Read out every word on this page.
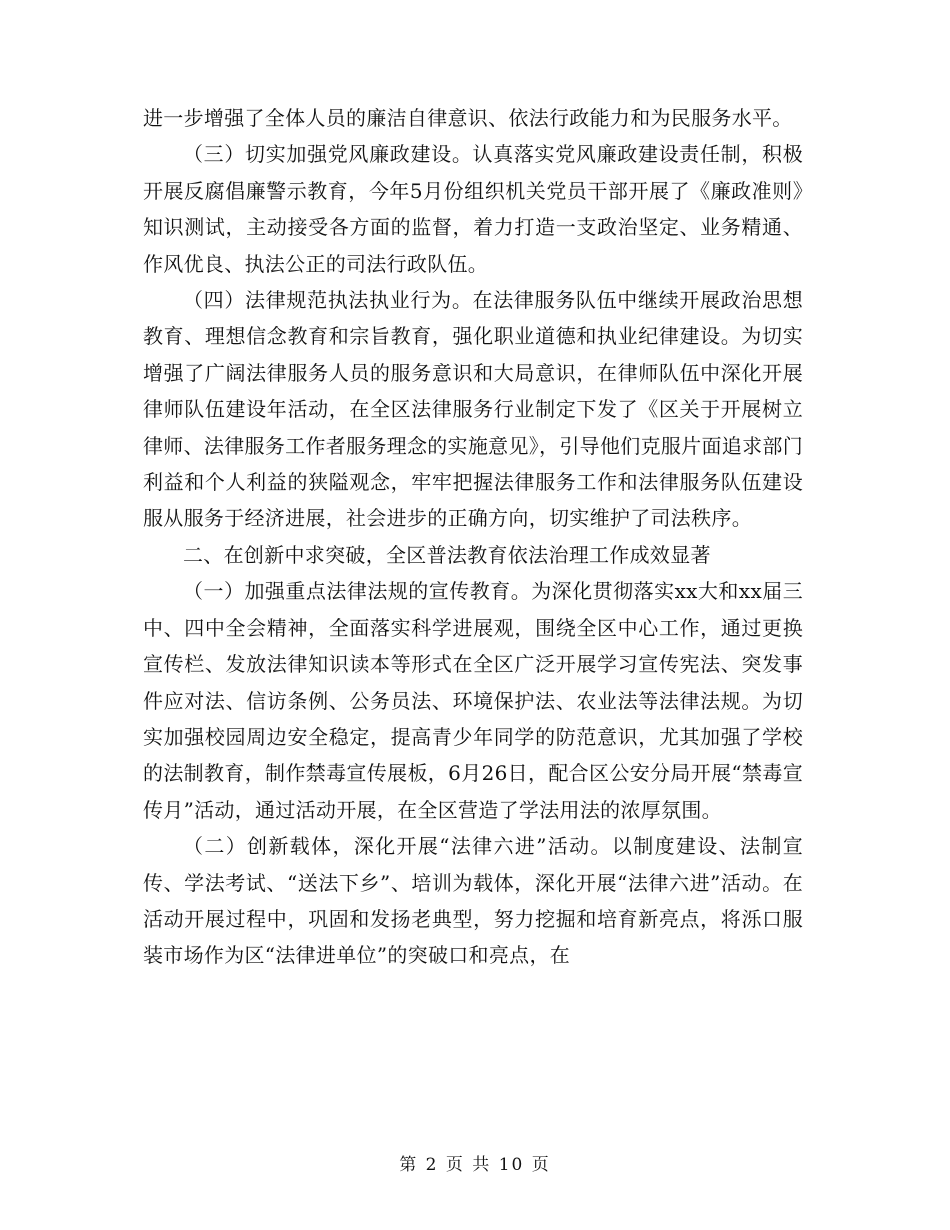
进一步增强了全体人员的廉洁自律意识、依法行政能力和为民服务水平。

（三）切实加强党风廉政建设。认真落实党风廉政建设责任制，积极开展反腐倡廉警示教育，今年5月份组织机关党员干部开展了《廉政准则》知识测试，主动接受各方面的监督，着力打造一支政治坚定、业务精通、作风优良、执法公正的司法行政队伍。

（四）法律规范执法执业行为。在法律服务队伍中继续开展政治思想教育、理想信念教育和宗旨教育，强化职业道德和执业纪律建设。为切实增强了广阔法律服务人员的服务意识和大局意识，在律师队伍中深化开展律师队伍建设年活动，在全区法律服务行业制定下发了《区关于开展树立律师、法律服务工作者服务理念的实施意见》，引导他们克服片面追求部门利益和个人利益的狭隘观念，牢牢把握法律服务工作和法律服务队伍建设服从服务于经济进展，社会进步的正确方向，切实维护了司法秩序。

二、在创新中求突破，全区普法教育依法治理工作成效显著

（一）加强重点法律法规的宣传教育。为深化贯彻落实xx大和xx届三中、四中全会精神，全面落实科学进展观，围绕全区中心工作，通过更换宣传栏、发放法律知识读本等形式在全区广泛开展学习宣传宪法、突发事件应对法、信访条例、公务员法、环境保护法、农业法等法律法规。为切实加强校园周边安全稳定，提高青少年同学的防范意识，尤其加强了学校的法制教育，制作禁毒宣传展板，6月26日，配合区公安分局开展“禁毒宣传月”活动，通过活动开展，在全区营造了学法用法的浓厚氛围。

（二）创新载体，深化开展“法律六进”活动。以制度建设、法制宣传、学法考试、“送法下乡”、培训为载体，深化开展“法律六进”活动。在活动开展过程中，巩固和发扬老典型，努力挖掘和培育新亮点，将泺口服装市场作为区“法律进单位”的突破口和亮点，在

第 2 页 共 10 页
